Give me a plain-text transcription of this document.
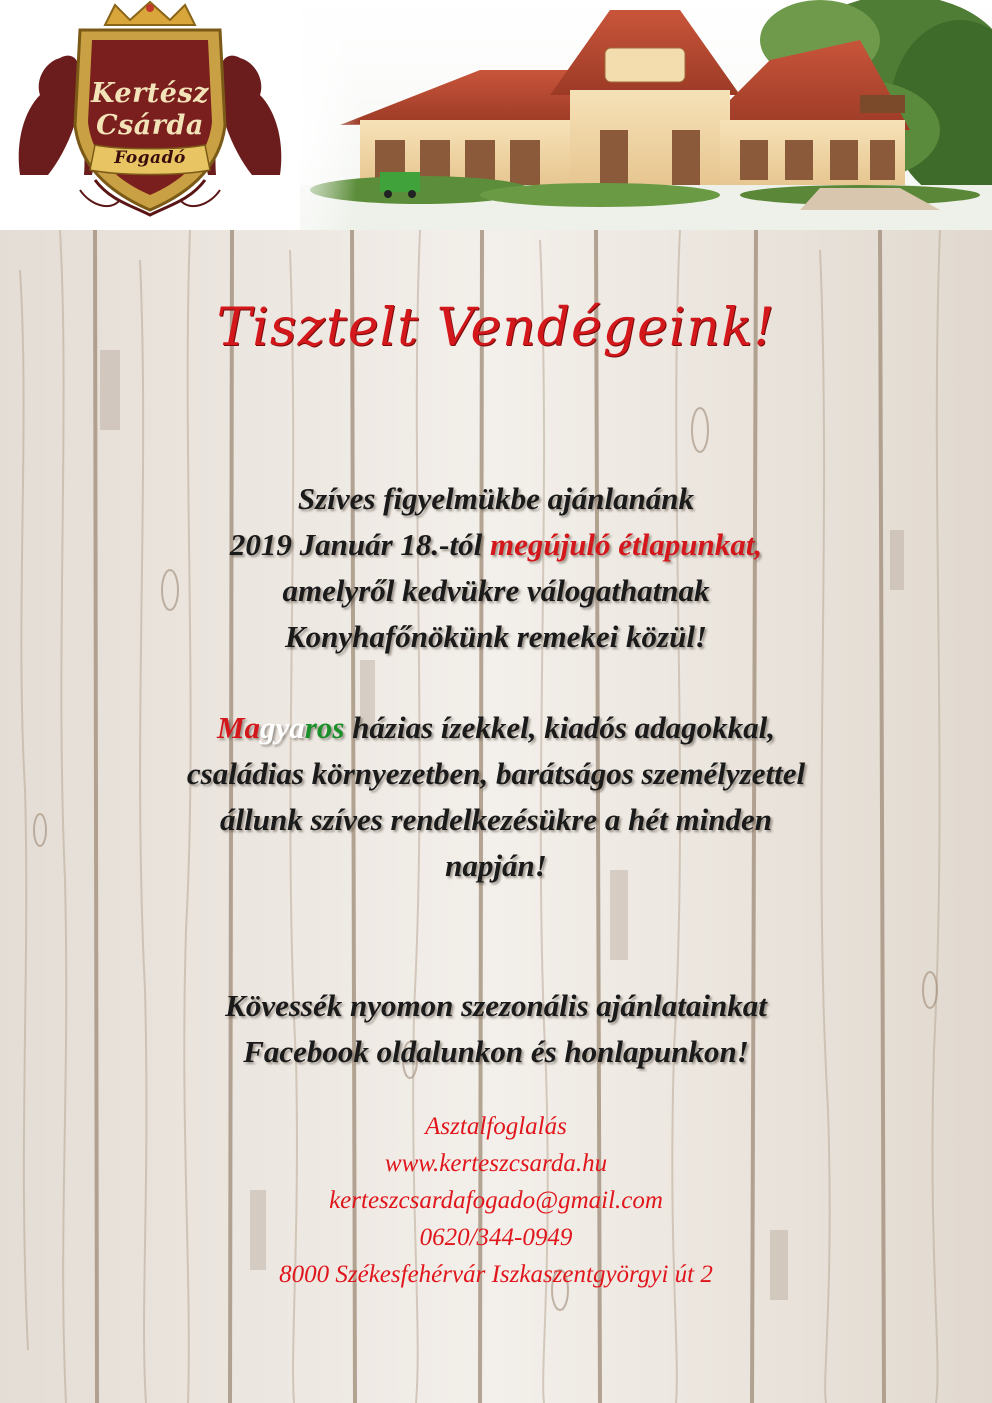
Kertész
Csárda
Fogadó
Tisztelt Vendégeink!
Szíves figyelmükbe ajánlanánk
2019 Január 18.-tól megújuló étlapunkat,
amelyről kedvükre válogathatnak
Konyhafőnökünk remekei közül!
Magyaros házias ízekkel, kiadós adagokkal,
családias környezetben, barátságos személyzettel
állunk szíves rendelkezésükre a hét minden
napján!
Kövessék nyomon szezonális ajánlatainkat
Facebook oldalunkon és honlapunkon!
Asztalfoglalás
www.kerteszcsarda.hu
kerteszcsardafogado@gmail.com
0620/344-0949
8000 Székesfehérvár Iszkaszentgyörgyi út 2
